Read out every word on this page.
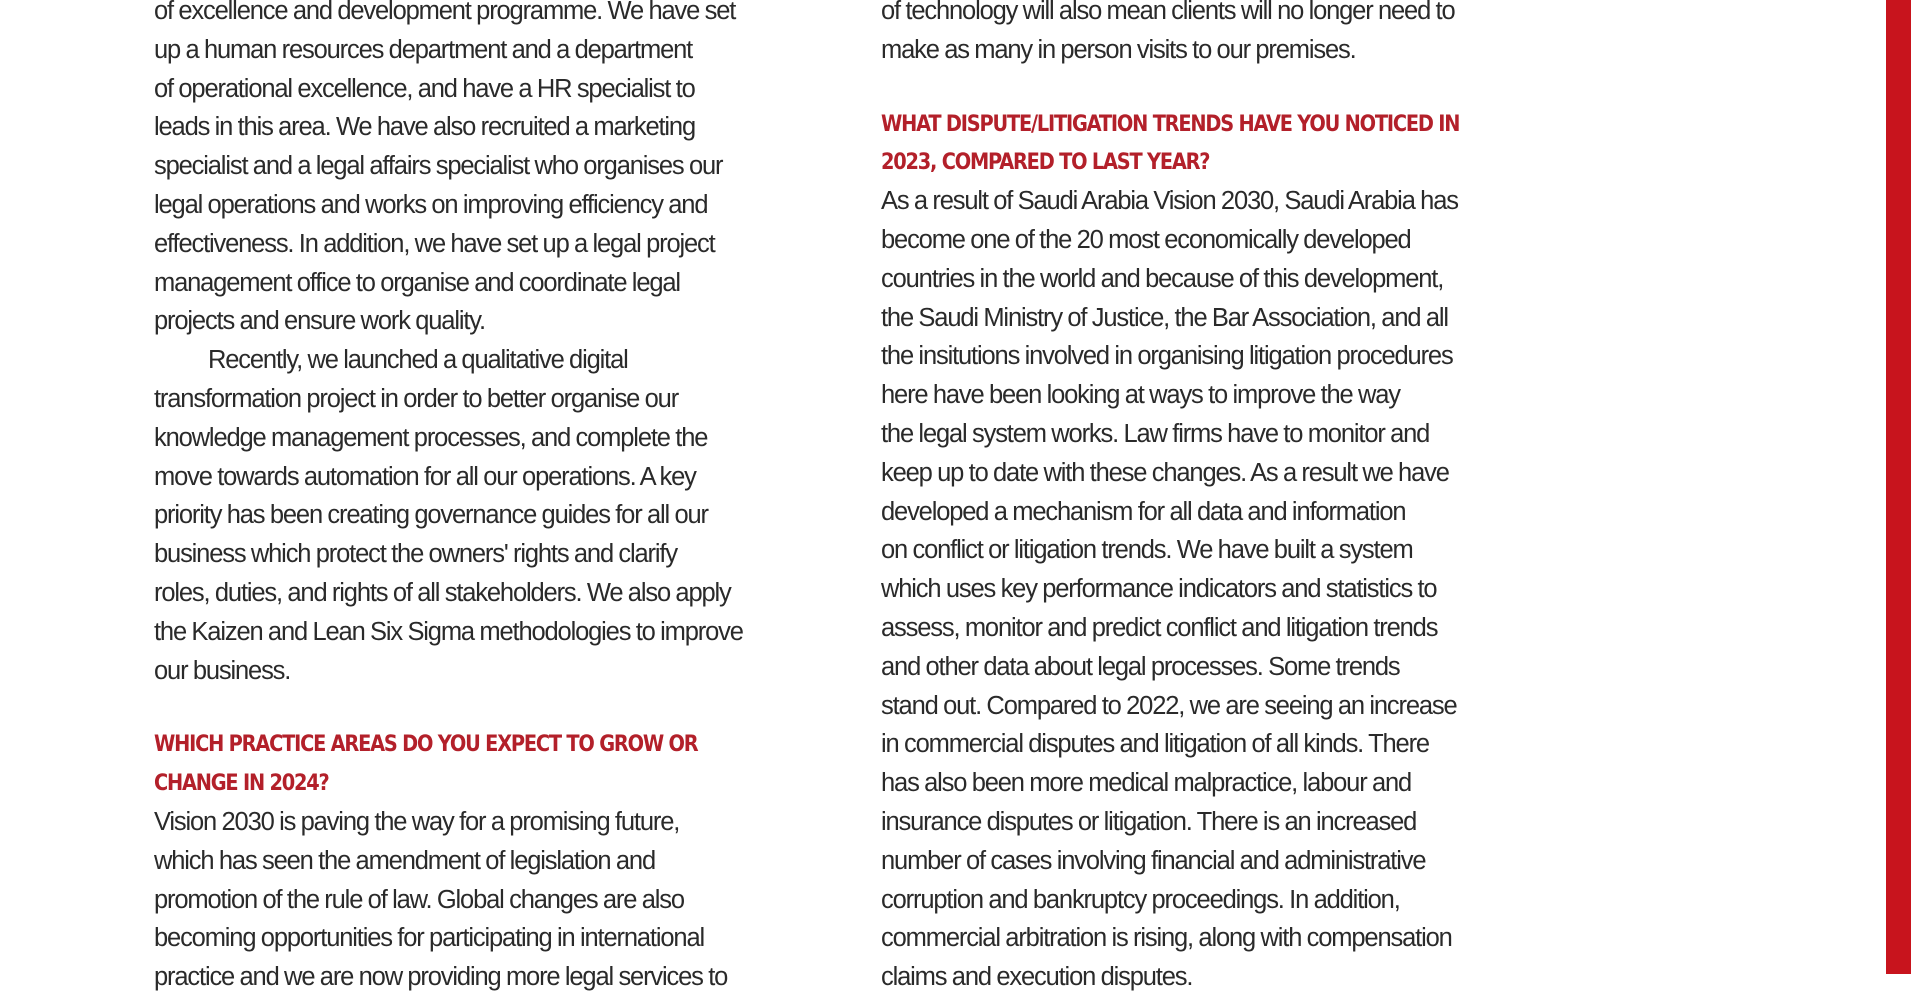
of excellence and development programme. We have set
up a human resources department and a department
of operational excellence, and have a HR specialist to
leads in this area. We have also recruited a marketing
specialist and a legal affairs specialist who organises our
legal operations and works on improving efficiency and
effectiveness. In addition, we have set up a legal project
management office to organise and coordinate legal
projects and ensure work quality.
Recently, we launched a qualitative digital
transformation project in order to better organise our
knowledge management processes, and complete the
move towards automation for all our operations. A key
priority has been creating governance guides for all our
business which protect the owners' rights and clarify
roles, duties, and rights of all stakeholders. We also apply
the Kaizen and Lean Six Sigma methodologies to improve
our business.
WHICH PRACTICE AREAS DO YOU EXPECT TO GROW OR
CHANGE IN 2024?
Vision 2030 is paving the way for a promising future,
which has seen the amendment of legislation and
promotion of the rule of law. Global changes are also
becoming opportunities for participating in international
practice and we are now providing more legal services to
of technology will also mean clients will no longer need to
make as many in person visits to our premises.
WHAT DISPUTE/LITIGATION TRENDS HAVE YOU NOTICED IN
2023, COMPARED TO LAST YEAR?
As a result of Saudi Arabia Vision 2030, Saudi Arabia has
become one of the 20 most economically developed
countries in the world and because of this development,
the Saudi Ministry of Justice, the Bar Association, and all
the insitutions involved in organising litigation procedures
here have been looking at ways to improve the way
the legal system works. Law firms have to monitor and
keep up to date with these changes. As a result we have
developed a mechanism for all data and information
on conflict or litigation trends. We have built a system
which uses key performance indicators and statistics to
assess, monitor and predict conflict and litigation trends
and other data about legal processes. Some trends
stand out. Compared to 2022, we are seeing an increase
in commercial disputes and litigation of all kinds. There
has also been more medical malpractice, labour and
insurance disputes or litigation. There is an increased
number of cases involving financial and administrative
corruption and bankruptcy proceedings. In addition,
commercial arbitration is rising, along with compensation
claims and execution disputes.
